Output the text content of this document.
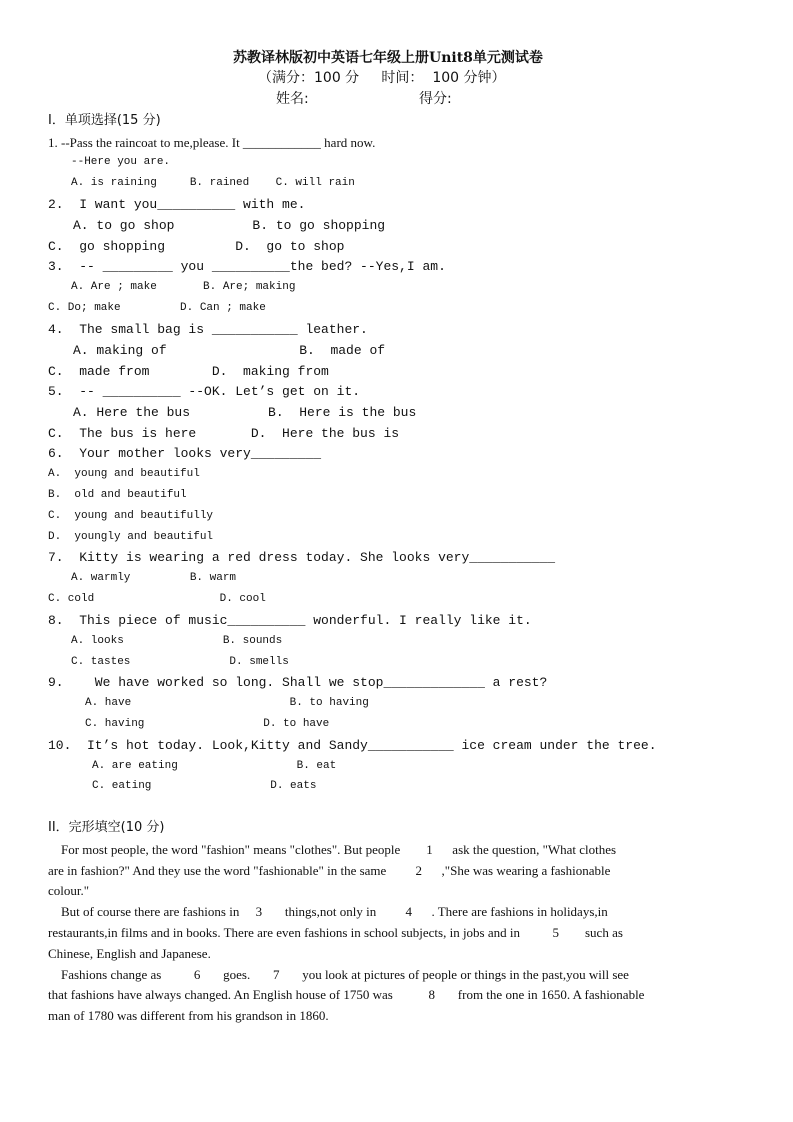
苏教译林版初中英语七年级上册Unit8单元测试卷
（满分：100 分     时间：  100 分钟）
姓名:	得分:
I．单项选择(15 分)
1. --Pass the raincoat to me,please. It ____________ hard now.
--Here you are.
A. is raining     B. rained    C. will rain
2.  I want you__________ with me.
A. to go shop          B. to go shopping
C.  go shopping         D.  go to shop
3.  -- _________ you __________the bed? --Yes,I am.
A. Are ; make       B. Are; making
C. Do; make         D. Can ; make
4.  The small bag is ___________ leather.
A. making of                 B.  made of
C.  made from        D.  making from
5.  -- __________ --OK. Let’s get on it.
A. Here the bus          B.  Here is the bus
C.  The bus is here       D.  Here the bus is
6.  Your mother looks very_________
A.  young and beautiful
B.  old and beautiful
C.  young and beautifully
D.  youngly and beautiful
7.  Kitty is wearing a red dress today. She looks very___________
A. warmly         B. warm
C. cold                   D. cool
8.  This piece of music__________ wonderful. I really like it.
A. looks               B. sounds
C. tastes               D. smells
9.    We have worked so long. Shall we stop_____________ a rest?
A. have                        B. to having
C. having                  D. to have
10.  It’s hot today. Look,Kitty and Sandy___________ ice cream under the tree.
A. are eating                  B. eat
C. eating                  D. eats
II．完形填空(10 分)
For most people, the word "fashion" means "clothes". But people        1      ask the question, "What clothes
are in fashion?" And they use the word "fashionable" in the same         2      ,"She was wearing a fashionable
colour."
But of course there are fashions in     3       things,not only in         4      . There are fashions in holidays,in
restaurants,in films and in books. There are even fashions in school subjects, in jobs and in          5        such as
Chinese, English and Japanese.
Fashions change as          6       goes.       7       you look at pictures of people or things in the past,you will see
that fashions have always changed. An English house of 1750 was           8       from the one in 1650. A fashionable
man of 1780 was different from his grandson in 1860.
